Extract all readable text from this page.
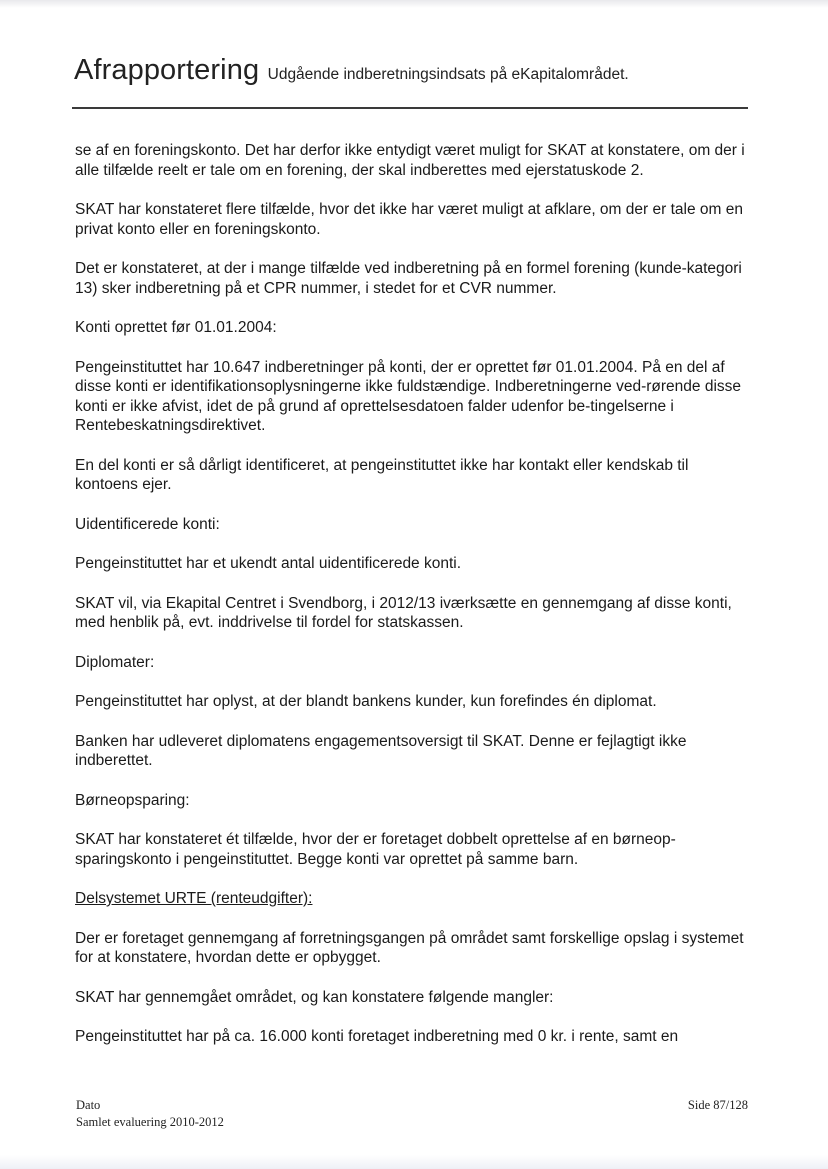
Afrapportering Udgående indberetningsindsats på eKapitalområdet.

se af en foreningskonto. Det har derfor ikke entydigt været muligt for SKAT at konstatere, om der i alle tilfælde reelt er tale om en forening, der skal indberettes med ejerstatuskode 2.

SKAT har konstateret flere tilfælde, hvor det ikke har været muligt at afklare, om der er tale om en privat konto eller en foreningskonto.

Det er konstateret, at der i mange tilfælde ved indberetning på en formel forening (kunde-kategori 13) sker indberetning på et CPR nummer, i stedet for et CVR nummer.

Konti oprettet før 01.01.2004:

Pengeinstituttet har 10.647 indberetninger på konti, der er oprettet før 01.01.2004. På en del af disse konti er identifikationsoplysningerne ikke fuldstændige. Indberetningerne ved-rørende disse konti er ikke afvist, idet de på grund af oprettelsesdatoen falder udenfor be-tingelserne i Rentebeskatningsdirektivet.

En del konti er så dårligt identificeret, at pengeinstituttet ikke har kontakt eller kendskab til kontoens ejer.

Uidentificerede konti:

Pengeinstituttet har et ukendt antal uidentificerede konti.

SKAT vil, via Ekapital Centret i Svendborg, i 2012/13 iværksætte en gennemgang af disse konti, med henblik på, evt. inddrivelse til fordel for statskassen.

Diplomater:

Pengeinstituttet har oplyst, at der blandt bankens kunder, kun forefindes én diplomat.

Banken har udleveret diplomatens engagementsoversigt til SKAT. Denne er fejlagtigt ikke indberettet.

Børneopsparing:

SKAT har konstateret ét tilfælde, hvor der er foretaget dobbelt oprettelse af en børneop-sparingskonto i pengeinstituttet. Begge konti var oprettet på samme barn.

Delsystemet URTE (renteudgifter):

Der er foretaget gennemgang af forretningsgangen på området samt forskellige opslag i systemet for at konstatere, hvordan dette er opbygget.

SKAT har gennemgået området, og kan konstatere følgende mangler:

Pengeinstituttet har på ca. 16.000 konti foretaget indberetning med 0 kr. i rente, samt en

Dato
Samlet evaluering 2010-2012
Side 87/128
